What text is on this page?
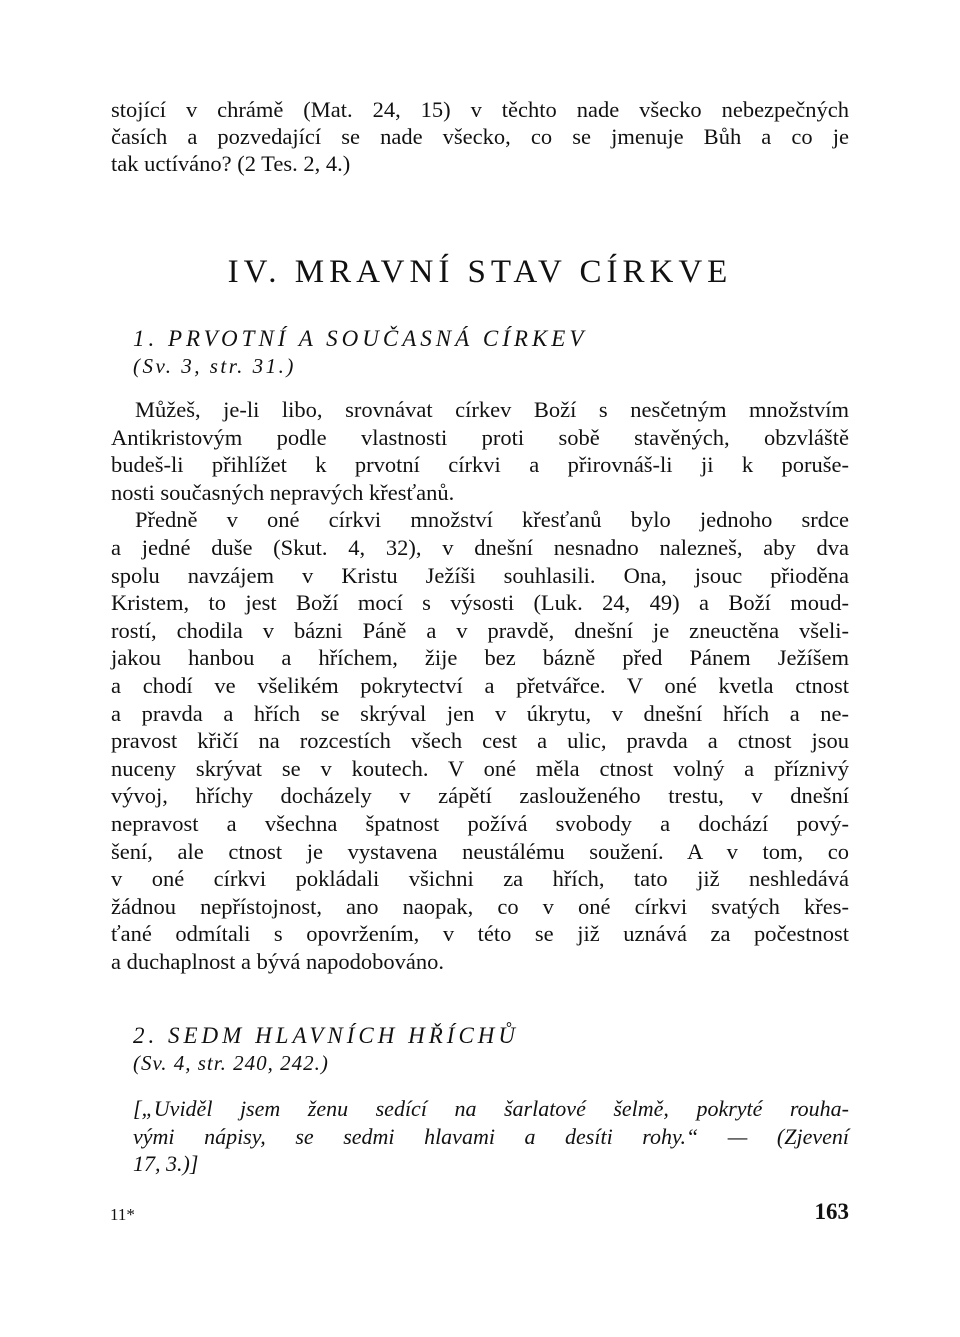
stojící v chrámě (Mat. 24, 15) v těchto nade všecko nebezpečných
časích a pozvedající se nade všecko, co se jmenuje Bůh a co je
tak uctíváno? (2 Tes. 2, 4.)
IV. MRAVNÍ STAV CÍRKVE
1. PRVOTNÍ A SOUČASNÁ CÍRKEV
(Sv. 3, str. 31.)
Můžeš, je-li libo, srovnávat církev Boží s nesčetným množstvím
Antikristovým podle vlastnosti proti sobě stavěných, obzvláště
budeš-li přihlížet k prvotní církvi a přirovnáš-li ji k poruše-
nosti současných nepravých křesťanů.
Předně v oné církvi množství křesťanů bylo jednoho srdce
a jedné duše (Skut. 4, 32), v dnešní nesnadno nalezneš, aby dva
spolu navzájem v Kristu Ježíši souhlasili. Ona, jsouc přioděna
Kristem, to jest Boží mocí s výsosti (Luk. 24, 49) a Boží moud-
rostí, chodila v bázni Páně a v pravdě, dnešní je zneuctěna všeli-
jakou hanbou a hříchem, žije bez bázně před Pánem Ježíšem
a chodí ve všelikém pokrytectví a přetvářce. V oné kvetla ctnost
a pravda a hřích se skrýval jen v úkrytu, v dnešní hřích a ne-
pravost křičí na rozcestích všech cest a ulic, pravda a ctnost jsou
nuceny skrývat se v koutech. V oné měla ctnost volný a příznivý
vývoj, hříchy docházely v zápětí zaslouženého trestu, v dnešní
nepravost a všechna špatnost požívá svobody a dochází pový-
šení, ale ctnost je vystavena neustálému soužení. A v tom, co
v oné církvi pokládali všichni za hřích, tato již neshledává
žádnou nepřístojnost, ano naopak, co v oné církvi svatých křes-
ťané odmítali s opovržením, v této se již uznává za počestnost
a duchaplnost a bývá napodobováno.
2. SEDM HLAVNÍCH HŘÍCHŮ
(Sv. 4, str. 240, 242.)
[„Uviděl jsem ženu sedící na šarlatové šelmě, pokryté rouha-
vými nápisy, se sedmi hlavami a desíti rohy.“ — (Zjevení
17, 3.)]
11*	163
